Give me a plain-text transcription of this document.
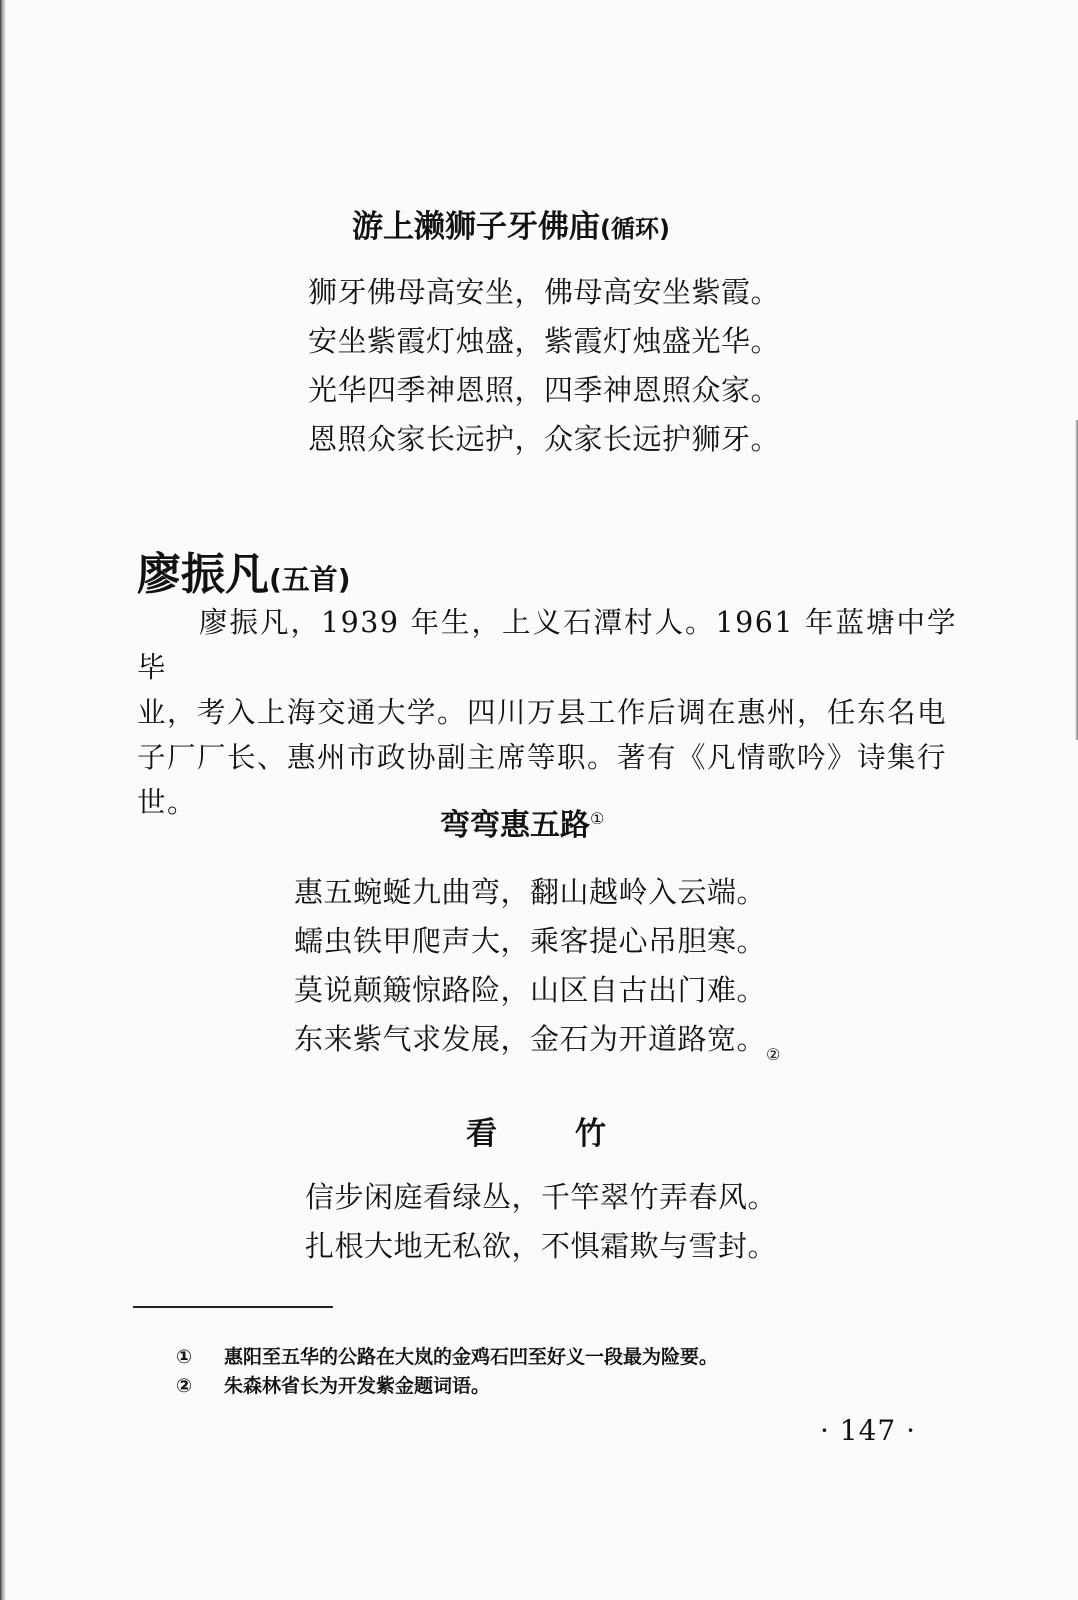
游上濑狮子牙佛庙(循环)
狮牙佛母高安坐，佛母高安坐紫霞。
安坐紫霞灯烛盛，紫霞灯烛盛光华。
光华四季神恩照，四季神恩照众家。
恩照众家长远护，众家长远护狮牙。
廖振凡(五首)
廖振凡，1939 年生，上义石潭村人。1961 年蓝塘中学毕
业，考入上海交通大学。四川万县工作后调在惠州，任东名电
子厂厂长、惠州市政协副主席等职。著有《凡情歌吟》诗集行
世。
弯弯惠五路①
惠五蜿蜒九曲弯，翻山越岭入云端。
蠕虫铁甲爬声大，乘客提心吊胆寒。
莫说颠簸惊路险，山区自古出门难。
东来紫气求发展，金石为开道路宽。 ②
看	竹
信步闲庭看绿丛，千竿翠竹弄春风。
扎根大地无私欲，不惧霜欺与雪封。
① 惠阳至五华的公路在大岚的金鸡石凹至好义一段最为险要。
② 朱森林省长为开发紫金题词语。
· 147 ·
